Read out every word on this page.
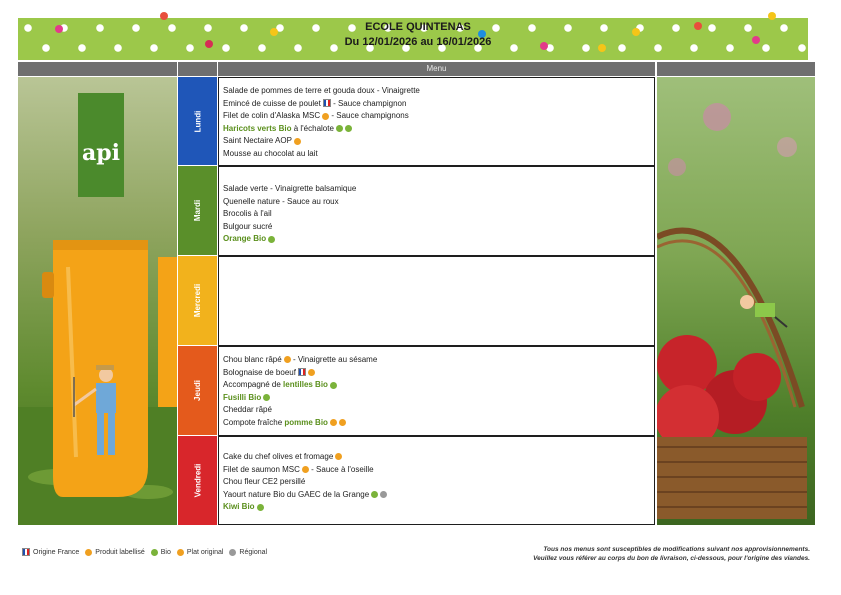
ECOLE QUINTENAS
Du 12/01/2026 au 16/01/2026
Menu
api
Lundi
Mardi
Mercredi
Jeudi
Vendredi
Salade de pommes de terre et gouda doux - Vinaigrette
Emincé de cuisse de poulet - Sauce champignon
Filet de colin d'Alaska MSC - Sauce champignons
Haricots verts Bio à l'échalote
Saint Nectaire AOP
Mousse au chocolat au lait
Salade verte - Vinaigrette balsamique
Quenelle nature - Sauce au roux
Brocolis à l'ail
Bulgour sucré
Orange Bio
Chou blanc râpé - Vinaigrette au sésame
Bolognaise de boeuf
Accompagné de lentilles Bio
Fusilli Bio
Cheddar râpé
Compote fraîche pomme Bio
Cake du chef olives et fromage
Filet de saumon MSC - Sauce à l'oseille
Chou fleur CE2 persillé
Yaourt nature Bio du GAEC de la Grange
Kiwi Bio
Origine France Produit labellisé Bio Plat original Régional	Tous nos menus sont susceptibles de modifications suivant nos approvisionnements.
Veuillez vous référer au corps du bon de livraison, ci-dessous, pour l'origine des viandes.
